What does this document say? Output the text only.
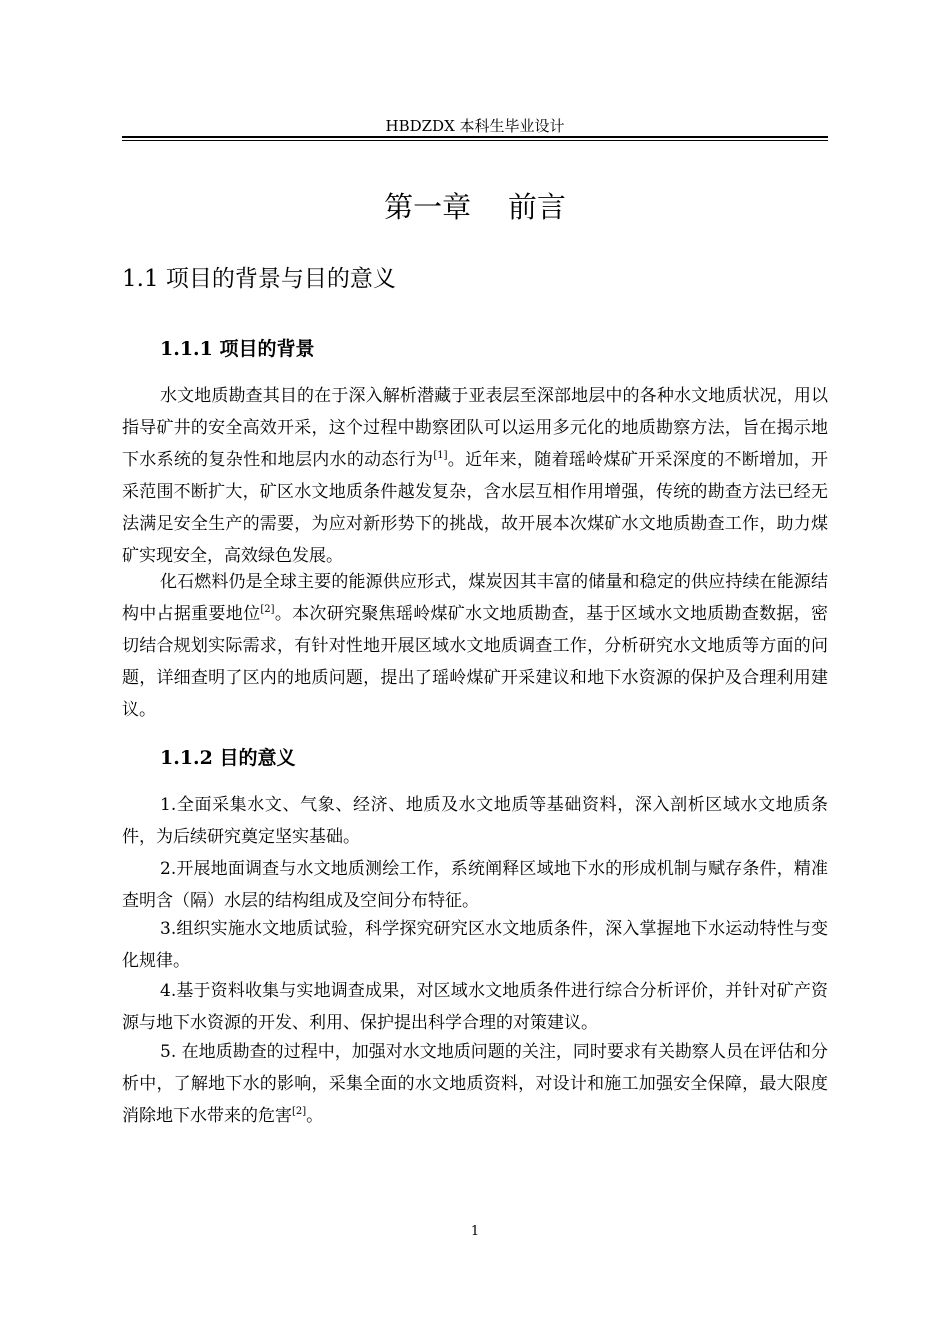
HBDZDX 本科生毕业设计
第一章    前言
1.1 项目的背景与目的意义
1.1.1 项目的背景

水文地质勘查其目的在于深入解析潜藏于亚表层至深部地层中的各种水文地质状况，用以指导矿井的安全高效开采，这个过程中勘察团队可以运用多元化的地质勘察方法，旨在揭示地下水系统的复杂性和地层内水的动态行为[1]。近年来，随着瑶岭煤矿开采深度的不断增加，开采范围不断扩大，矿区水文地质条件越发复杂，含水层互相作用增强，传统的勘查方法已经无法满足安全生产的需要，为应对新形势下的挑战，故开展本次煤矿水文地质勘查工作，助力煤矿实现安全，高效绿色发展。

化石燃料仍是全球主要的能源供应形式，煤炭因其丰富的储量和稳定的供应持续在能源结构中占据重要地位[2]。本次研究聚焦瑶岭煤矿水文地质勘查，基于区域水文地质勘查数据，密切结合规划实际需求，有针对性地开展区域水文地质调查工作，分析研究水文地质等方面的问题，详细查明了区内的地质问题，提出了瑶岭煤矿开采建议和地下水资源的保护及合理利用建议。

1.1.2 目的意义

1.全面采集水文、气象、经济、地质及水文地质等基础资料，深入剖析区域水文地质条件，为后续研究奠定坚实基础。

2.开展地面调查与水文地质测绘工作，系统阐释区域地下水的形成机制与赋存条件，精准查明含（隔）水层的结构组成及空间分布特征。

3.组织实施水文地质试验，科学探究研究区水文地质条件，深入掌握地下水运动特性与变化规律。

4.基于资料收集与实地调查成果，对区域水文地质条件进行综合分析评价，并针对矿产资源与地下水资源的开发、利用、保护提出科学合理的对策建议。

5. 在地质勘查的过程中，加强对水文地质问题的关注，同时要求有关勘察人员在评估和分析中，了解地下水的影响，采集全面的水文地质资料，对设计和施工加强安全保障，最大限度消除地下水带来的危害[2]。

1
